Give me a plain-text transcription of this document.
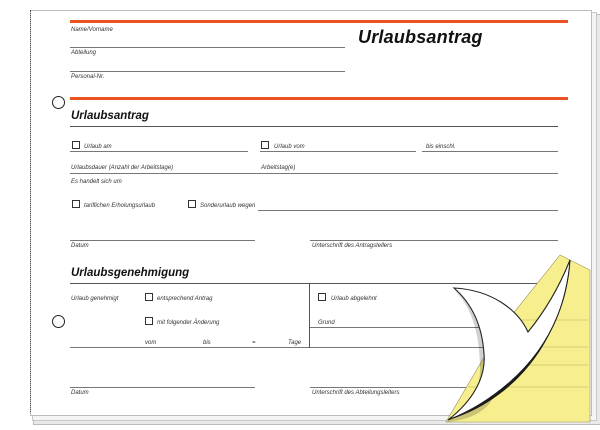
Name/Vorname
Abteilung
Personal-Nr.
Urlaubsantrag
Urlaubsantrag
Urlaub am	Urlaub vom	bis einschl.
Urlaubsdauer (Anzahl der Arbeitstage)	Arbeitstag(e)
Es handelt sich um
tariflichen Erholungsurlaub	Sonderurlaub wegen
Datum	Unterschrift des Antragstellers
Urlaubsgenehmigung
Urlaub genehmigt	entsprechend Antrag
mit folgender Änderung
vom	bis	=	Tage
Urlaub abgelehnt
Grund
Datum	Unterschrift des Abteilungsleiters
